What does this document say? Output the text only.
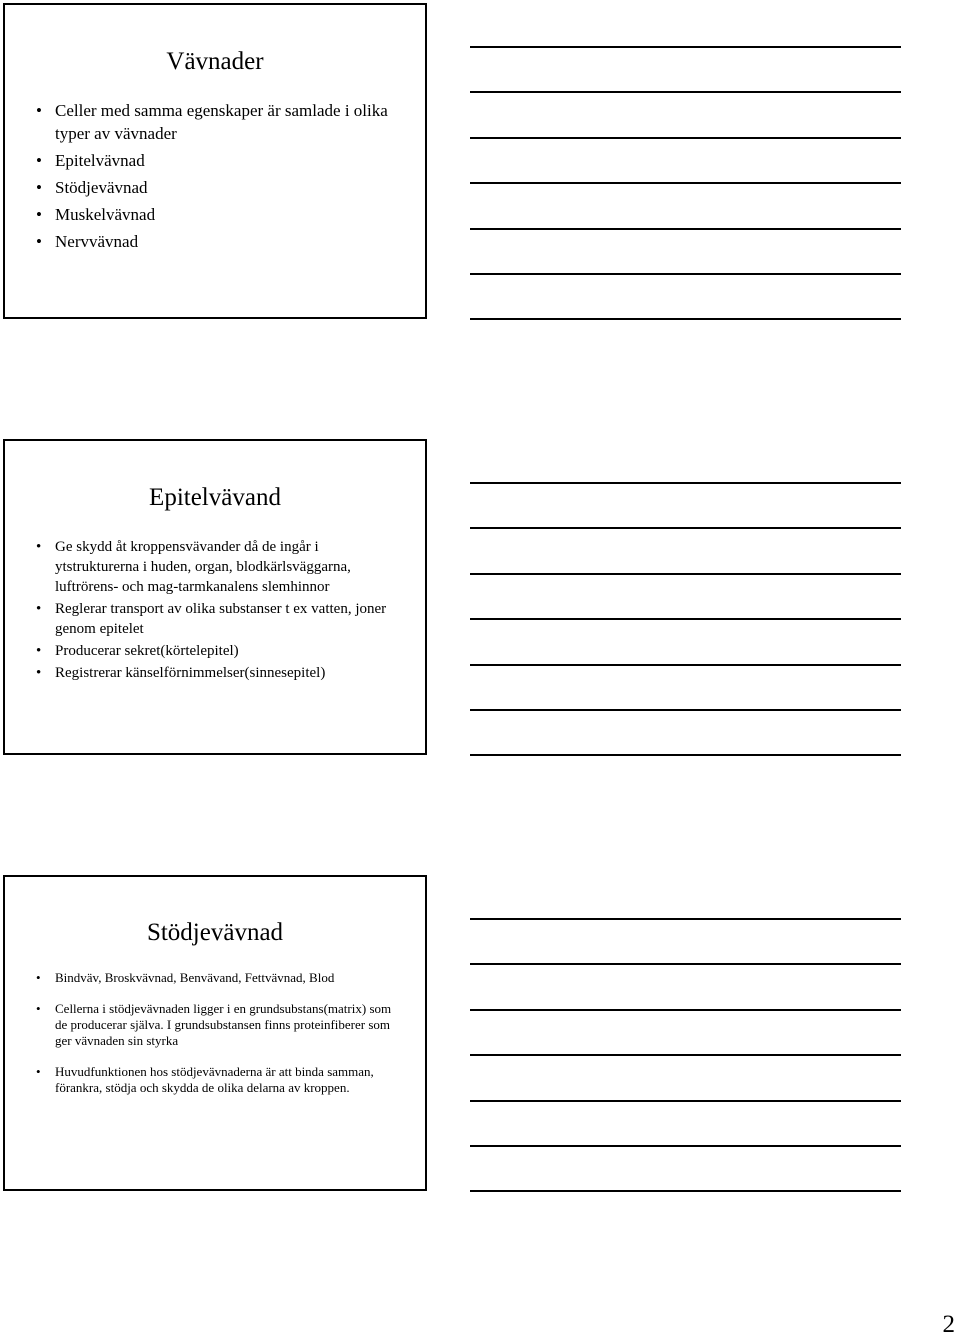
Vävnader
• Celler med samma egenskaper är samlade i olika typer av vävnader
• Epitelvävnad
• Stödjevävnad
• Muskelvävnad
• Nervvävnad
Epitelvävand
• Ge skydd åt kroppensvävander då de ingår i ytstrukturerna i huden, organ, blodkärlsväggarna, luftrörens- och mag-tarmkanalens slemhinnor
• Reglerar transport av olika substanser t ex vatten, joner genom epitelet
• Producerar sekret(körtelepitel)
• Registrerar känselförnimmelser(sinnesepitel)
Stödjevävnad
• Bindväv, Broskvävnad, Benvävand, Fettvävnad, Blod
• Cellerna i stödjevävnaden ligger i en grundsubstans(matrix) som de producerar själva. I grundsubstansen finns proteinfiberer som ger vävnaden sin styrka
• Huvudfunktionen hos stödjevävnaderna är att binda samman, förankra, stödja och skydda de olika delarna av kroppen.
2
